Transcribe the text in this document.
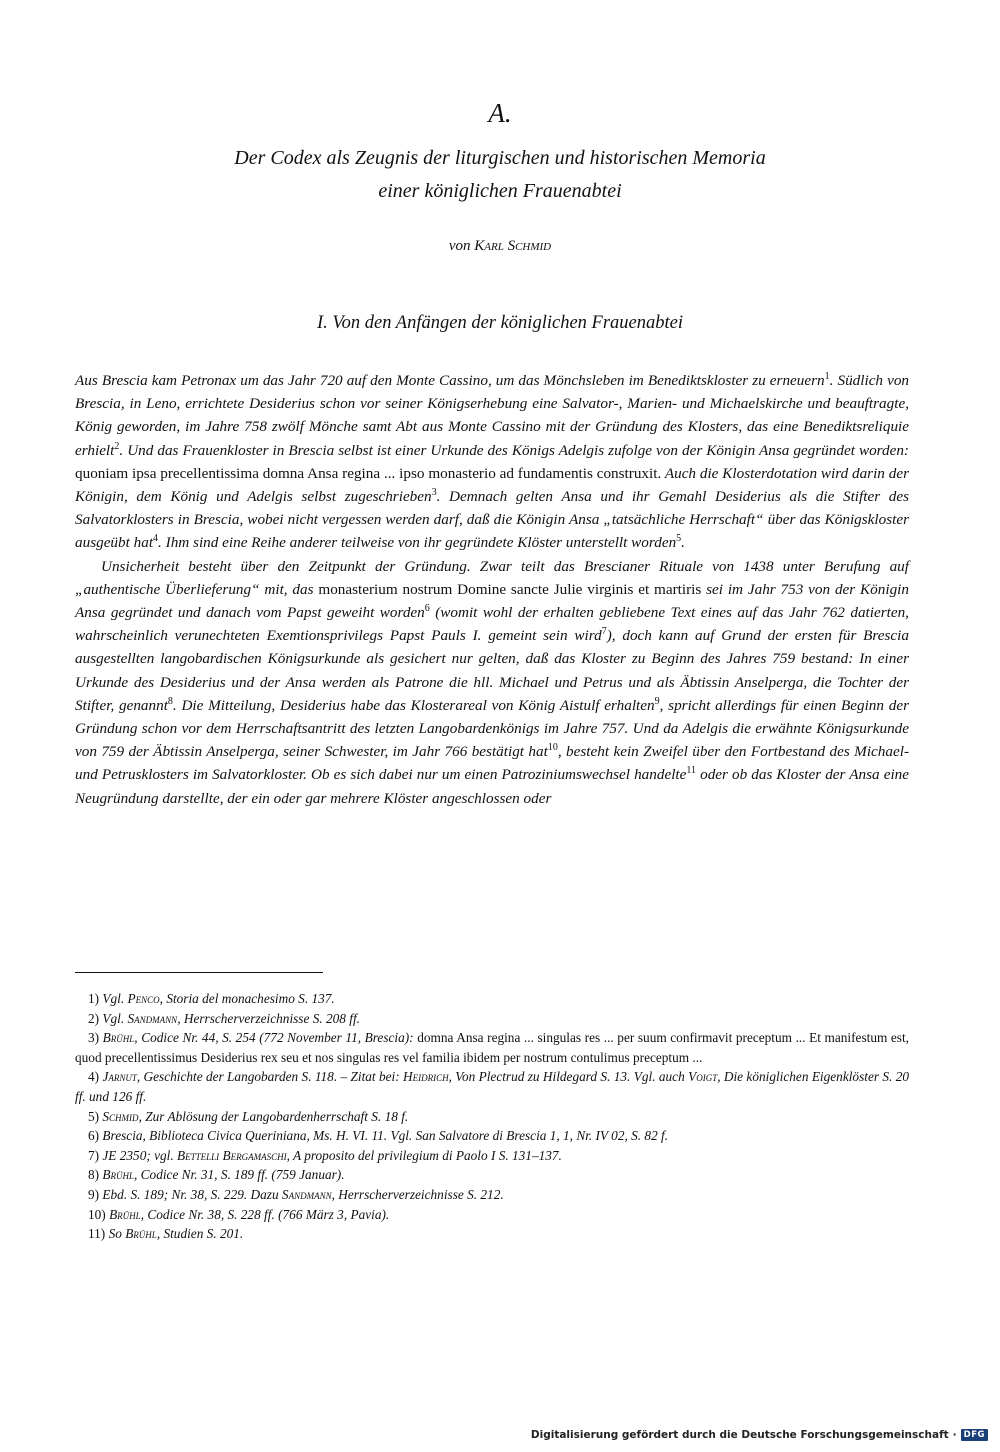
A.
Der Codex als Zeugnis der liturgischen und historischen Memoria
einer königlichen Frauenabtei
von Karl Schmid
I. Von den Anfängen der königlichen Frauenabtei

Aus Brescia kam Petronax um das Jahr 720 auf den Monte Cassino, um das Mönchsleben im Benediktskloster zu erneuern$^1$. Südlich von Brescia, in Leno, errichtete Desiderius schon vor seiner Königserhebung eine Salvator-, Marien- und Michaelskirche und beauftragte, König geworden, im Jahre 758 zwölf Mönche samt Abt aus Monte Cassino mit der Gründung des Klosters, das eine Benediktsreliquie erhielt$^2$. Und das Frauenkloster in Brescia selbst ist einer Urkunde des Königs Adelgis zufolge von der Königin Ansa gegründet worden: quoniam ipsa precellentissima domna Ansa regina ... ipso monasterio ad fundamentis construxit. Auch die Klosterdotation wird darin der Königin, dem König und Adelgis selbst zugeschrieben$^3$. Demnach gelten Ansa und ihr Gemahl Desiderius als die Stifter des Salvatorklosters in Brescia, wobei nicht vergessen werden darf, daß die Königin Ansa „tatsächliche Herrschaft“ über das Königskloster ausgeübt hat$^4$. Ihm sind eine Reihe anderer teilweise von ihr gegründete Klöster unterstellt worden$^5$.

Unsicherheit besteht über den Zeitpunkt der Gründung. Zwar teilt das Brescianer Rituale von 1438 unter Berufung auf „authentische Überlieferung“ mit, das monasterium nostrum Domine sancte Julie virginis et martiris sei im Jahr 753 von der Königin Ansa gegründet und danach vom Papst geweiht worden$^6$ (womit wohl der erhalten gebliebene Text eines auf das Jahr 762 datierten, wahrscheinlich verunechteten Exemtionsprivilegs Papst Pauls I. gemeint sein wird$^7$), doch kann auf Grund der ersten für Brescia ausgestellten langobardischen Königsurkunde als gesichert nur gelten, daß das Kloster zu Beginn des Jahres 759 bestand: In einer Urkunde des Desiderius und der Ansa werden als Patrone die hll. Michael und Petrus und als Äbtissin Anselperga, die Tochter der Stifter, genannt$^8$. Die Mitteilung, Desiderius habe das Klosterareal von König Aistulf erhalten$^9$, spricht allerdings für einen Beginn der Gründung schon vor dem Herrschaftsantritt des letzten Langobardenkönigs im Jahre 757. Und da Adelgis die erwähnte Königsurkunde von 759 der Äbtissin Anselperga, seiner Schwester, im Jahr 766 bestätigt hat$^{10}$, besteht kein Zweifel über den Fortbestand des Michael- und Petrusklosters im Salvatorkloster. Ob es sich dabei nur um einen Patroziniumswechsel handelte$^{11}$ oder ob das Kloster der Ansa eine Neugründung darstellte, der ein oder gar mehrere Klöster angeschlossen oder

1) Vgl. Penco, Storia del monachesimo S. 137.

2) Vgl. Sandmann, Herrscherverzeichnisse S. 208 ff.

3) Brühl, Codice Nr. 44, S. 254 (772 November 11, Brescia): domna Ansa regina ... singulas res ... per suum confirmavit preceptum ... Et manifestum est, quod precellentissimus Desiderius rex seu et nos singulas res vel familia ibidem per nostrum contulimus preceptum ...

4) Jarnut, Geschichte der Langobarden S. 118. – Zitat bei: Heidrich, Von Plectrud zu Hildegard S. 13. Vgl. auch Voigt, Die königlichen Eigenklöster S. 20 ff. und 126 ff.

5) Schmid, Zur Ablösung der Langobardenherrschaft S. 18 f.

6) Brescia, Biblioteca Civica Queriniana, Ms. H. VI. 11. Vgl. San Salvatore di Brescia 1, 1, Nr. IV 02, S. 82 f.

7) JE 2350; vgl. Bettelli Bergamaschi, A proposito del privilegium di Paolo I S. 131–137.

8) Brühl, Codice Nr. 31, S. 189 ff. (759 Januar).

9) Ebd. S. 189; Nr. 38, S. 229. Dazu Sandmann, Herrscherverzeichnisse S. 212.

10) Brühl, Codice Nr. 38, S. 228 ff. (766 März 3, Pavia).

11) So Brühl, Studien S. 201.

Digitalisierung gefördert durch die Deutsche Forschungsgemeinschaft · DFG
